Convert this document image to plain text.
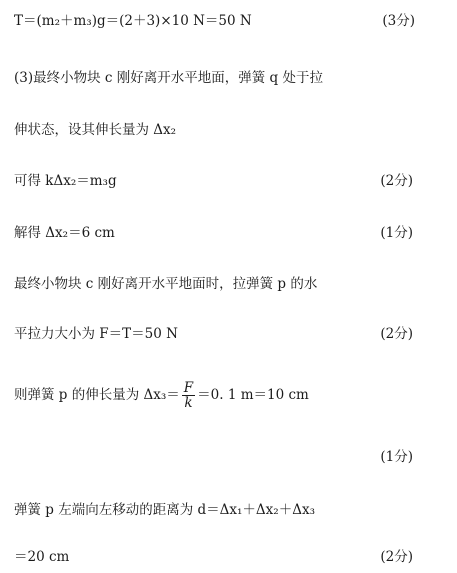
T＝(m₂＋m₃)g＝(2＋3)×10 N＝50 N	(3分)
(3)最终小物块 c 刚好离开水平地面，弹簧 q 处于拉
伸状态，设其伸长量为 Δx₂
可得 kΔx₂＝m₃g	(2分)
解得 Δx₂＝6 cm	(1分)
最终小物块 c 刚好离开水平地面时，拉弹簧 p 的水
平拉力大小为 F＝T＝50 N	(2分)
则弹簧 p 的伸长量为 $\Delta x_3= \frac{F}{k} =0$. 1 m＝10 cm
(1分)
弹簧 p 左端向左移动的距离为 d＝Δx₁＋Δx₂＋Δx₃
＝20 cm	(2分)
